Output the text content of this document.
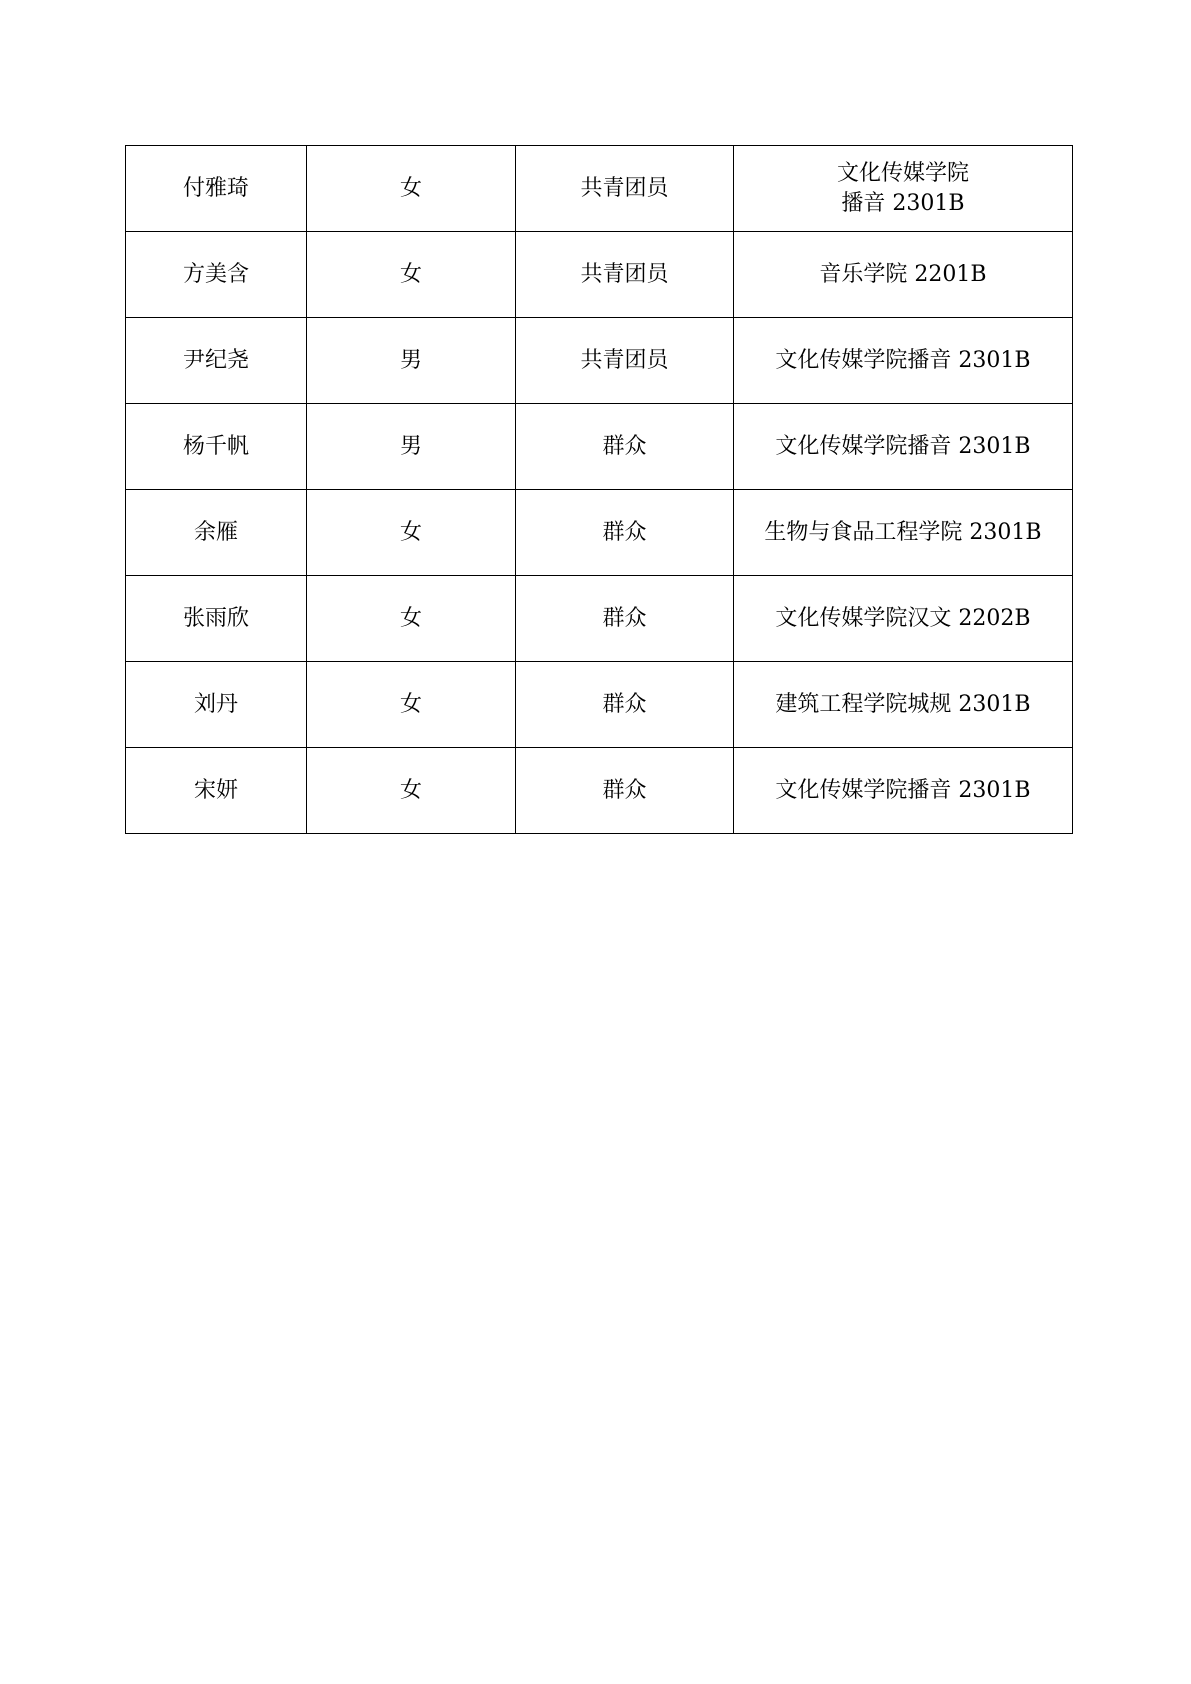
付雅琦	女	共青团员	文化传媒学院
播音 2301B

方美含	女	共青团员	音乐学院 2201B

尹纪尧	男	共青团员	文化传媒学院播音 2301B

杨千帆	男	群众	文化传媒学院播音 2301B

余雁	女	群众	生物与食品工程学院 2301B

张雨欣	女	群众	文化传媒学院汉文 2202B

刘丹	女	群众	建筑工程学院城规 2301B

宋妍	女	群众	文化传媒学院播音 2301B
